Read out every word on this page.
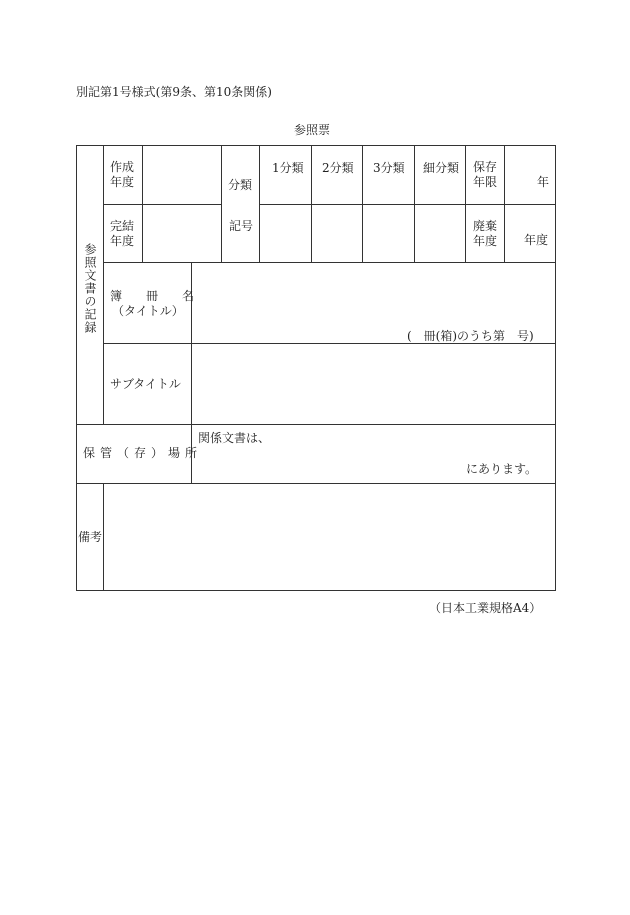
別記第1号様式(第9条、第10条関係)
参照票
参照文書の記録
作成
年度
完結
年度
分類
記号
1分類 2分類 3分類 細分類 保存
年限	年
廃棄
年度	年度
簿　冊　名
（タイトル）
(　冊(箱)のうち第　号)
サブタイトル
保管（存）場所
関係文書は、
にあります。
備考
（日本工業規格A4）
